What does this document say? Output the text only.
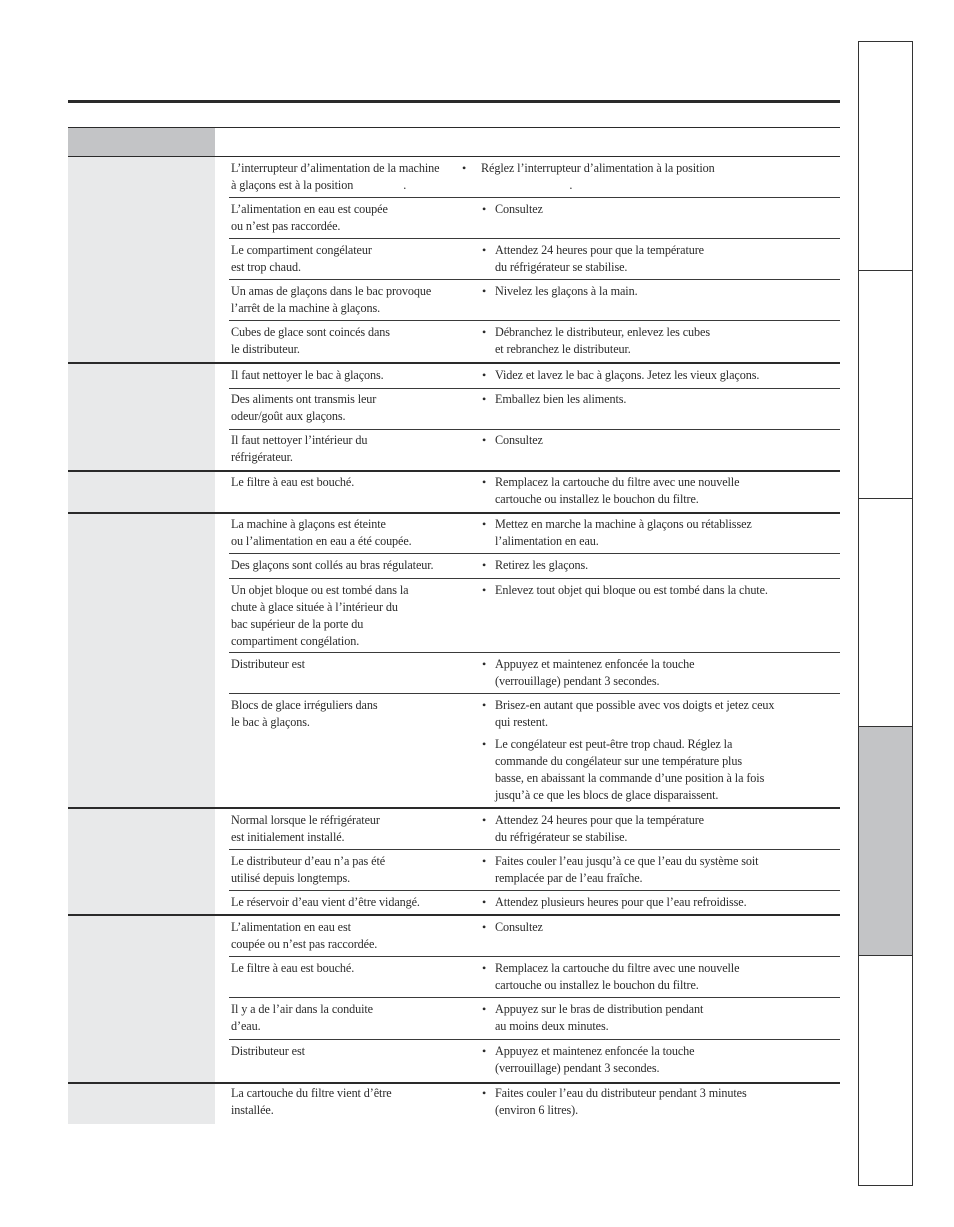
L’interrupteur d’alimentation de la machine
à glaçons est à la position                 .
• Réglez l’interrupteur d’alimentation à la position
.
L’alimentation en eau est coupée
ou n’est pas raccordée.
• Consultez
Le compartiment congélateur
est trop chaud.
• Attendez 24 heures pour que la température
du réfrigérateur se stabilise.
Un amas de glaçons dans le bac provoque
l’arrêt de la machine à glaçons.
• Nivelez les glaçons à la main.
Cubes de glace sont coincés dans
le distributeur.
• Débranchez le distributeur, enlevez les cubes
et rebranchez le distributeur.
Il faut nettoyer le bac à glaçons.	• Videz et lavez le bac à glaçons. Jetez les vieux glaçons.
Des aliments ont transmis leur
odeur/goût aux glaçons.
• Emballez bien les aliments.
Il faut nettoyer l’intérieur du
réfrigérateur.
• Consultez
Le filtre à eau est bouché.	• Remplacez la cartouche du filtre avec une nouvelle
cartouche ou installez le bouchon du filtre.
La machine à glaçons est éteinte
ou l’alimentation en eau a été coupée.
• Mettez en marche la machine à glaçons ou rétablissez
l’alimentation en eau.
Des glaçons sont collés au bras régulateur.	• Retirez les glaçons.
Un objet bloque ou est tombé dans la
chute à glace située à l’intérieur du
bac supérieur de la porte du
compartiment congélation.
• Enlevez tout objet qui bloque ou est tombé dans la chute.
Distributeur est	• Appuyez et maintenez enfoncée la touche
(verrouillage) pendant 3 secondes.
Blocs de glace irréguliers dans
le bac à glaçons.
• Brisez-en autant que possible avec vos doigts et jetez ceux
qui restent.
• Le congélateur est peut-être trop chaud. Réglez la
commande du congélateur sur une température plus
basse, en abaissant la commande d’une position à la fois
jusqu’à ce que les blocs de glace disparaissent.
Normal lorsque le réfrigérateur
est initialement installé.
• Attendez 24 heures pour que la température
du réfrigérateur se stabilise.
Le distributeur d’eau n’a pas été
utilisé depuis longtemps.
• Faites couler l’eau jusqu’à ce que l’eau du système soit
remplacée par de l’eau fraîche.
Le réservoir d’eau vient d’être vidangé.	• Attendez plusieurs heures pour que l’eau refroidisse.
L’alimentation en eau est
coupée ou n’est pas raccordée.
• Consultez
Le filtre à eau est bouché.	• Remplacez la cartouche du filtre avec une nouvelle
cartouche ou installez le bouchon du filtre.
Il y a de l’air dans la conduite
d’eau.
• Appuyez sur le bras de distribution pendant
au moins deux minutes.
Distributeur est	• Appuyez et maintenez enfoncée la touche
(verrouillage) pendant 3 secondes.
La cartouche du filtre vient d’être
installée.
• Faites couler l’eau du distributeur pendant 3 minutes
(environ 6 litres).
